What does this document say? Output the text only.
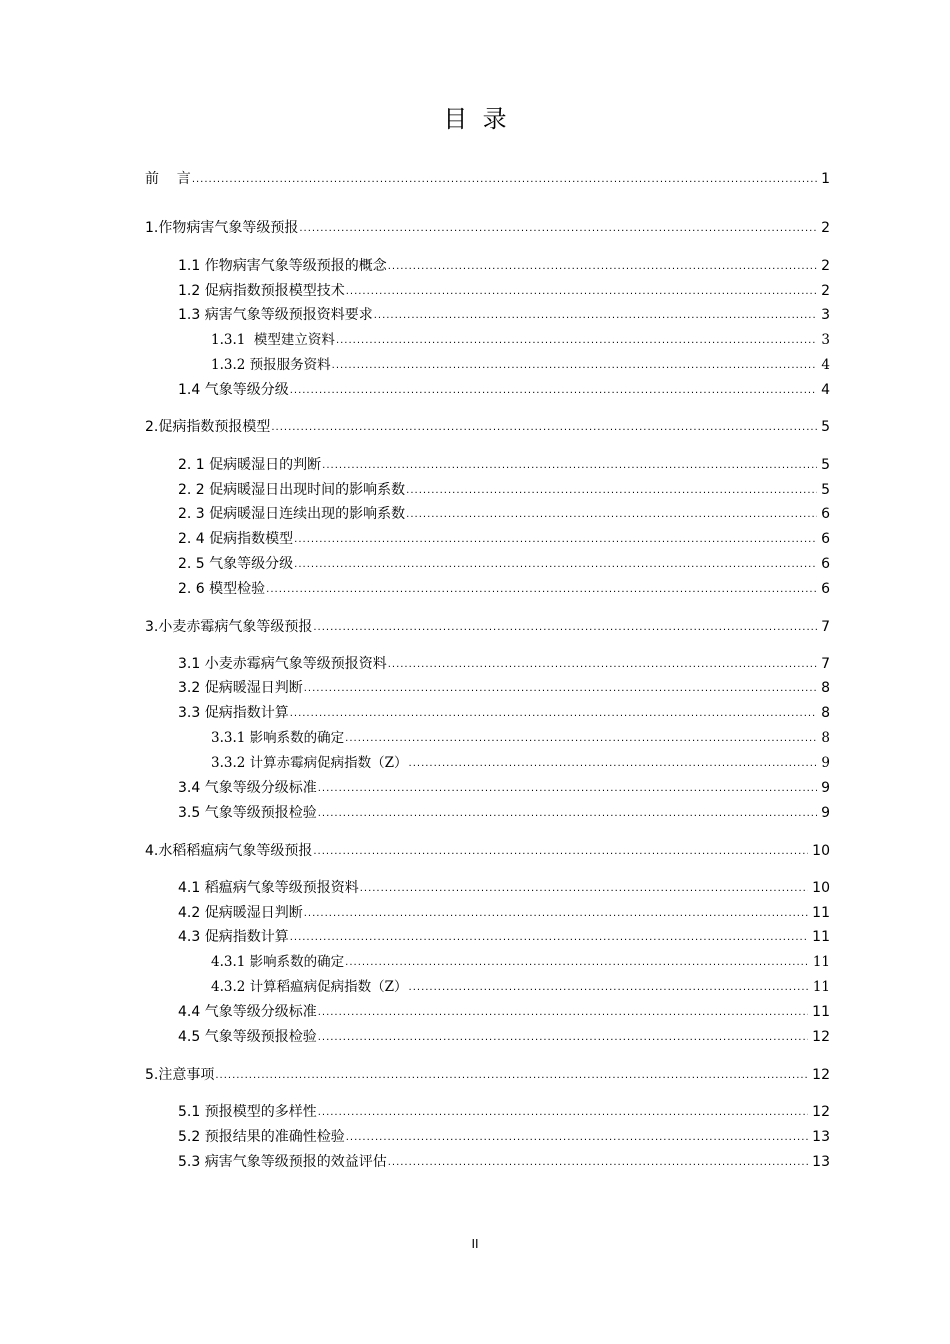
目  录
前    言 .....	1
1.作物病害气象等级预报 .....	2
1.1 作物病害气象等级预报的概念 .....	2
1.2 促病指数预报模型技术 .....	2
1.3 病害气象等级预报资料要求 .....	3
1.3.1  模型建立资料 .....	3
1.3.2 预报服务资料 .....	4
1.4 气象等级分级 .....	4
2.促病指数预报模型 .....	5
2. 1 促病暖湿日的判断 .....	5
2. 2 促病暖湿日出现时间的影响系数 .....	5
2. 3 促病暖湿日连续出现的影响系数 .....	6
2. 4 促病指数模型 .....	6
2. 5 气象等级分级 .....	6
2. 6 模型检验 .....	6
3.小麦赤霉病气象等级预报 .....	7
3.1 小麦赤霉病气象等级预报资料 .....	7
3.2 促病暖湿日判断 .....	8
3.3 促病指数计算 .....	8
3.3.1 影响系数的确定 .....	8
3.3.2 计算赤霉病促病指数（Z） .....	9
3.4 气象等级分级标准 .....	9
3.5 气象等级预报检验 .....	9
4.水稻稻瘟病气象等级预报 .....	10
4.1 稻瘟病气象等级预报资料 .....	10
4.2 促病暖湿日判断 .....	11
4.3 促病指数计算 .....	11
4.3.1 影响系数的确定 .....	11
4.3.2 计算稻瘟病促病指数（Z） .....	11
4.4 气象等级分级标准 .....	11
4.5 气象等级预报检验 .....	12
5.注意事项 .....	12
5.1 预报模型的多样性 .....	12
5.2 预报结果的准确性检验 .....	13
5.3 病害气象等级预报的效益评估 .....	13
II
